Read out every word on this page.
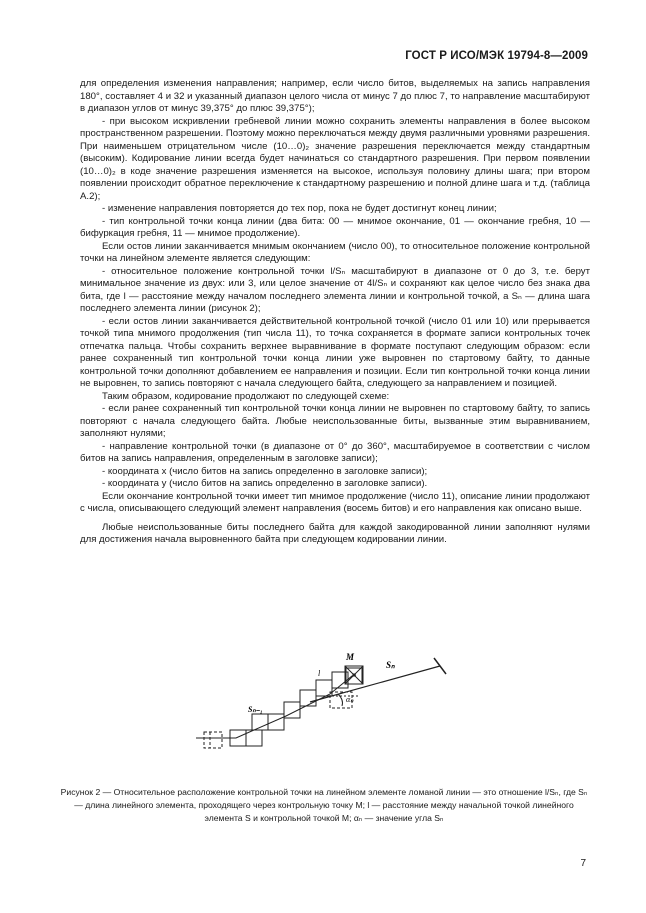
ГОСТ Р ИСО/МЭК 19794-8—2009

для определения изменения направления; например, если число битов, выделяемых на запись направления 180°, составляет 4 и 32 и указанный диапазон целого числа от минус 7 до плюс 7, то направление масштабируют в диапазон углов от минус 39,375° до плюс 39,375°);

- при высоком искривлении гребневой линии можно сохранить элементы направления в более высоком пространственном разрешении. Поэтому можно переключаться между двумя различными уровнями разрешения. При наименьшем отрицательном числе (10…0)₂ значение разрешения переключается между стандартным (высоким). Кодирование линии всегда будет начинаться со стандартного разрешения. При первом появлении (10…0)₂ в коде значение разрешения изменяется на высокое, используя половину длины шага; при втором появлении происходит обратное переключение к стандартному разрешению и полной длине шага и т.д. (таблица А.2);

- изменение направления повторяется до тех пор, пока не будет достигнут конец линии;

- тип контрольной точки конца линии (два бита: 00 — мнимое окончание, 01 — окончание гребня, 10 — бифуркация гребня, 11 — мнимое продолжение).

Если остов линии заканчивается мнимым окончанием (число 00), то относительное положение контрольной точки на линейном элементе является следующим:

- относительное положение контрольной точки l/Sₙ масштабируют в диапазоне от 0 до 3, т.е. берут минимальное значение из двух: или 3, или целое значение от 4l/Sₙ и сохраняют как целое число без знака два бита, где l — расстояние между началом последнего элемента линии и контрольной точкой, а Sₙ — длина шага последнего элемента линии (рисунок 2);

- если остов линии заканчивается действительной контрольной точкой (число 01 или 10) или прерывается точкой типа мнимого продолжения (тип числа 11), то точка сохраняется в формате записи контрольных точек отпечатка пальца. Чтобы сохранить верхнее выравнивание в формате поступают следующим образом: если ранее сохраненный тип контрольной точки конца линии уже выровнен по стартовому байту, то данные контрольной точки дополняют добавлением ее направления и позиции. Если тип контрольной точки конца линии не выровнен, то запись повторяют с начала следующего байта, следующего за направлением и позицией.

Таким образом, кодирование продолжают по следующей схеме:

- если ранее сохраненный тип контрольной точки конца линии не выровнен по стартовому байту, то запись повторяют с начала следующего байта. Любые неиспользованные биты, вызванные этим выравниванием, заполняют нулями;

- направление контрольной точки (в диапазоне от 0° до 360°, масштабируемое в соответствии с числом битов на запись направления, определенным в заголовке записи);

- координата x (число битов на запись определенно в заголовке записи);

- координата y (число битов на запись определенно в заголовке записи).

Если окончание контрольной точки имеет тип мнимое продолжение (число 11), описание линии продолжают с числа, описывающего следующий элемент направления (восемь битов) и его направления как описано выше.

Любые неиспользованные биты последнего байта для каждой закодированной линии заполняют нулями для достижения начала выровненного байта при следующем кодировании линии.

M
Sₙ
Sₙ₋₁
l
αₙ
Рисунок 2 — Относительное расположение контрольной точки на линейном элементе ломаной линии — это отношение l/Sₙ, где Sₙ — длина линейного элемента, проходящего через контрольную точку M; l — расстояние между начальной точкой линейного элемента S и контрольной точкой M; αₙ — значение угла Sₙ
7
